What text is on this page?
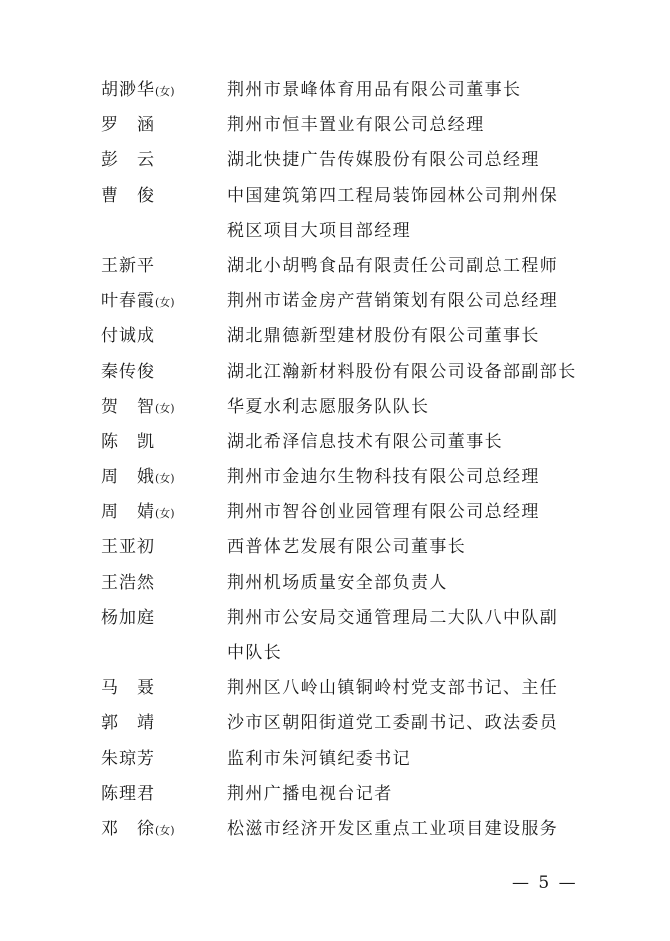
胡渺华(女)	荆州市景峰体育用品有限公司董事长
罗　涵	荆州市恒丰置业有限公司总经理
彭　云	湖北快捷广告传媒股份有限公司总经理
曹　俊	中国建筑第四工程局装饰园林公司荆州保
税区项目大项目部经理
王新平	湖北小胡鸭食品有限责任公司副总工程师
叶春霞(女)	荆州市诺金房产营销策划有限公司总经理
付诚成	湖北鼎德新型建材股份有限公司董事长
秦传俊	湖北江瀚新材料股份有限公司设备部副部长
贺　智(女)	华夏水利志愿服务队队长
陈　凯	湖北希泽信息技术有限公司董事长
周　娥(女)	荆州市金迪尔生物科技有限公司总经理
周　婧(女)	荆州市智谷创业园管理有限公司总经理
王亚初	西普体艺发展有限公司董事长
王浩然	荆州机场质量安全部负责人
杨加庭	荆州市公安局交通管理局二大队八中队副
中队长
马　聂	荆州区八岭山镇铜岭村党支部书记、主任
郭　靖	沙市区朝阳街道党工委副书记、政法委员
朱琼芳	监利市朱河镇纪委书记
陈理君	荆州广播电视台记者
邓　徐(女)	松滋市经济开发区重点工业项目建设服务
— 5 —
